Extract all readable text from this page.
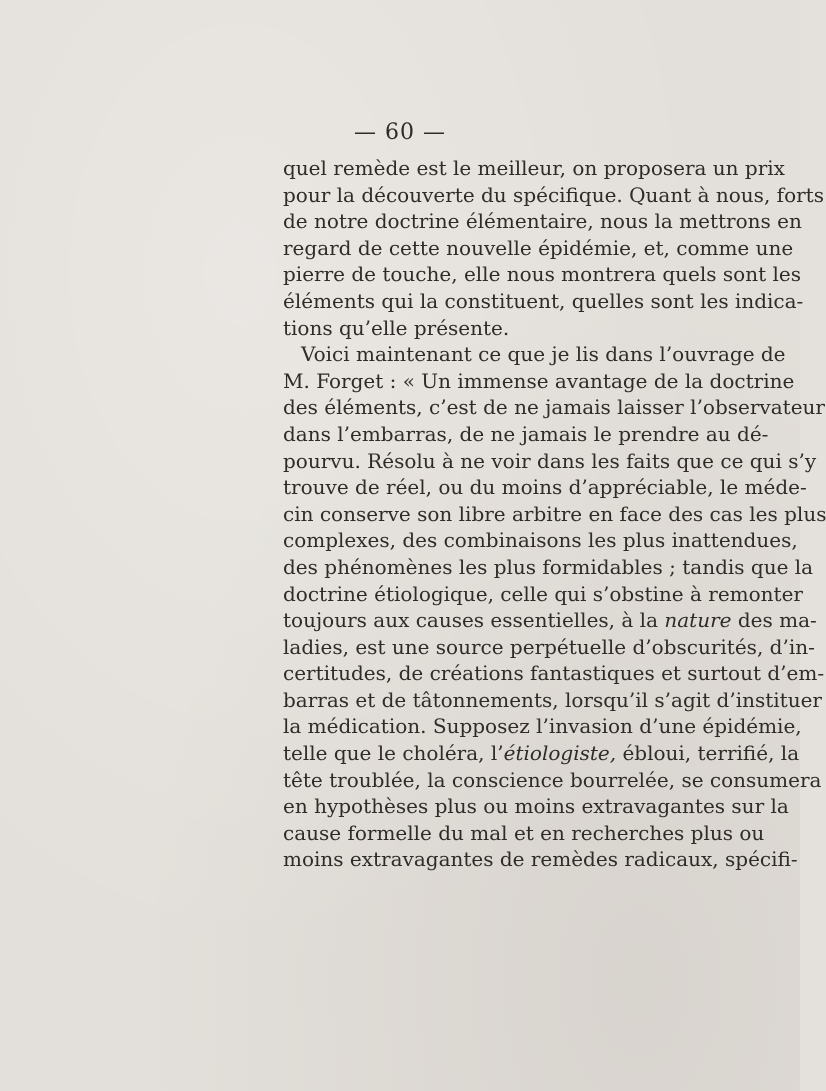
— 60 —
quel remède est le meilleur, on proposera un prix
pour la découverte du spécifique. Quant à nous, forts
de notre doctrine élémentaire, nous la mettrons en
regard de cette nouvelle épidémie, et, comme une
pierre de touche, elle nous montrera quels sont les
éléments qui la constituent, quelles sont les indica-
tions qu’elle présente.
Voici maintenant ce que je lis dans l’ouvrage de
M. Forget : « Un immense avantage de la doctrine
des éléments, c’est de ne jamais laisser l’observateur
dans l’embarras, de ne jamais le prendre au dé-
pourvu. Résolu à ne voir dans les faits que ce qui s’y
trouve de réel, ou du moins d’appréciable, le méde-
cin conserve son libre arbitre en face des cas les plus
complexes, des combinaisons les plus inattendues,
des phénomènes les plus formidables ; tandis que la
doctrine étiologique, celle qui s’obstine à remonter
toujours aux causes essentielles, à la nature des ma-
ladies, est une source perpétuelle d’obscurités, d’in-
certitudes, de créations fantastiques et surtout d’em-
barras et de tâtonnements, lorsqu’il s’agit d’instituer
la médication. Supposez l’invasion d’une épidémie,
telle que le choléra, l’étiologiste, ébloui, terrifié, la
tête troublée, la conscience bourrelée, se consumera
en hypothèses plus ou moins extravagantes sur la
cause formelle du mal et en recherches plus ou
moins extravagantes de remèdes radicaux, spécifi-
